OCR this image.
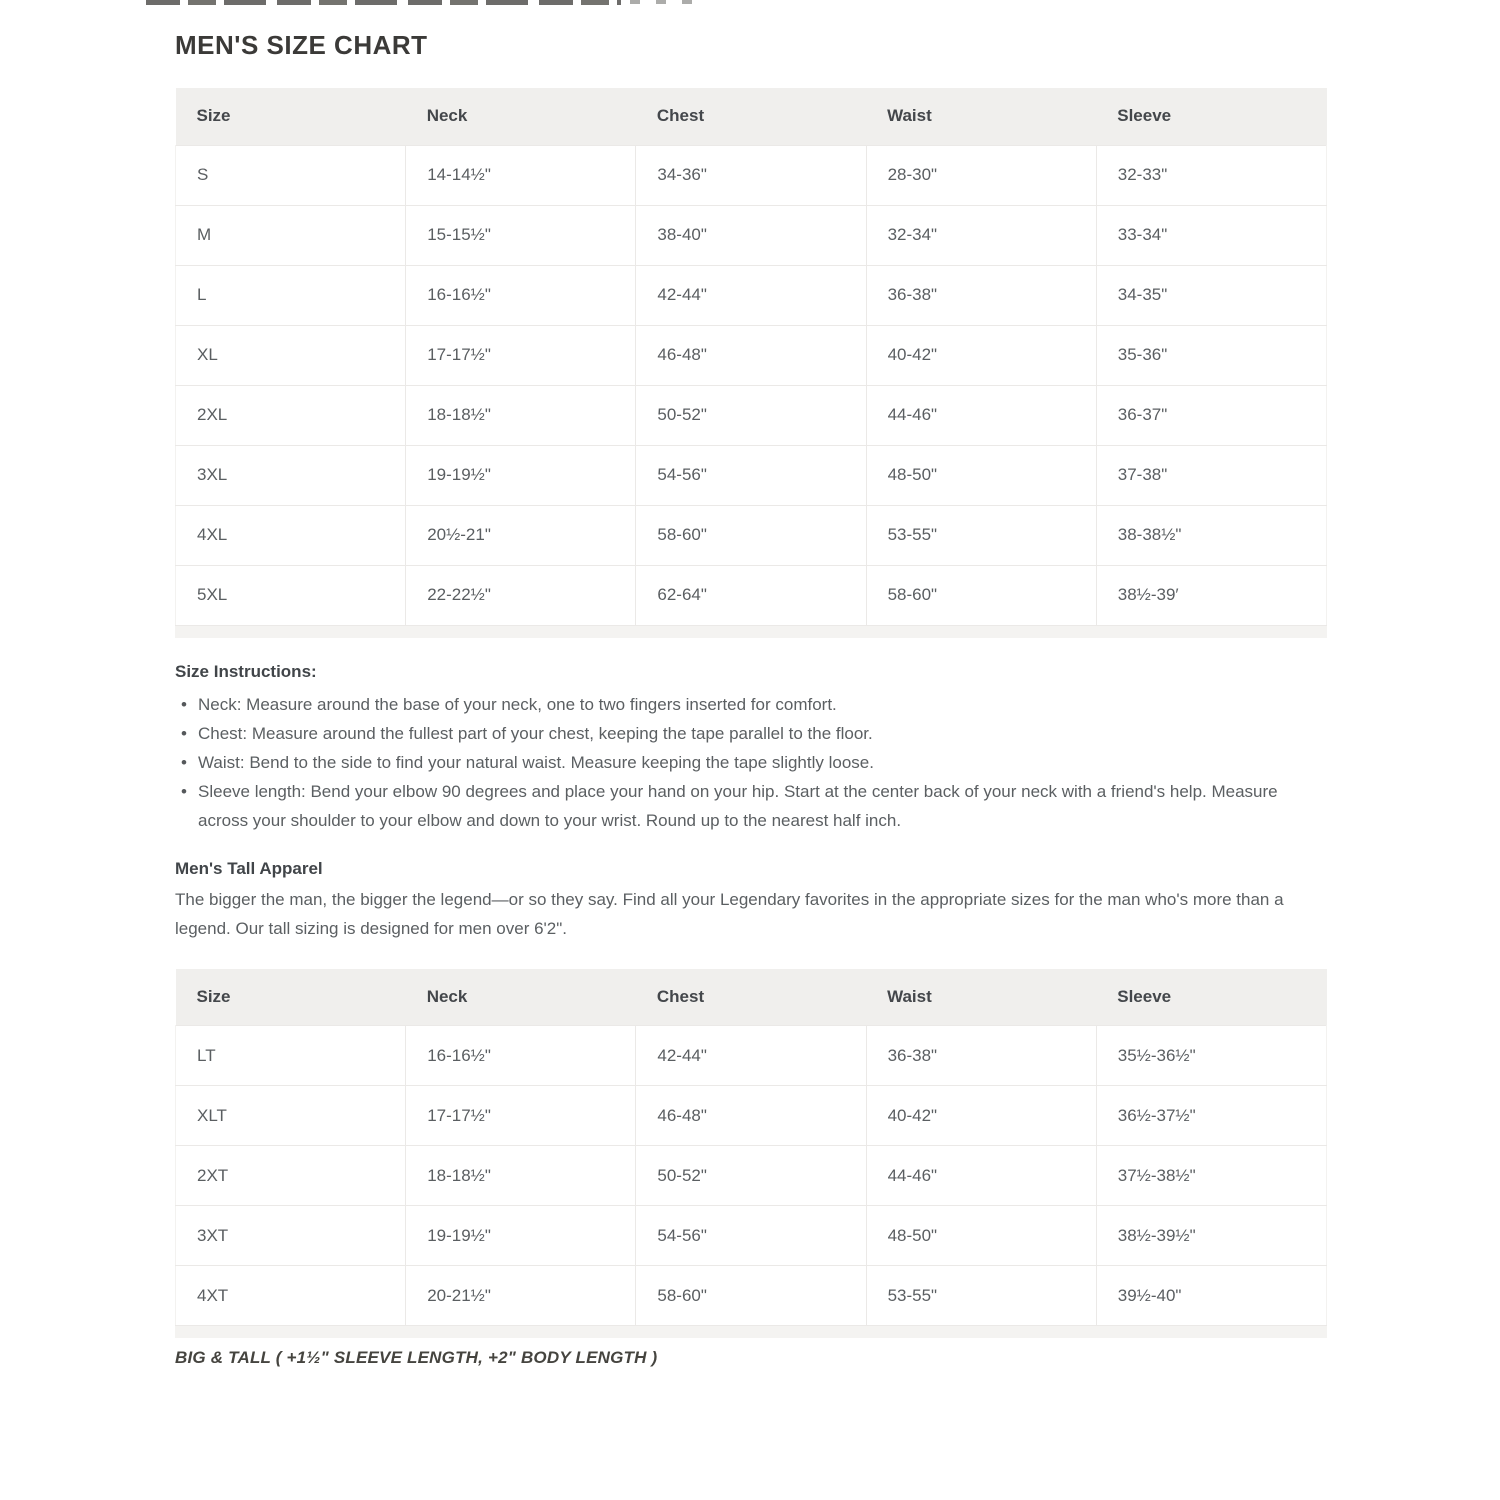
MEN'S SIZE CHART
Size	Neck	Chest	Waist	Sleeve
S	14-14½"	34-36"	28-30"	32-33"
M	15-15½"	38-40"	32-34"	33-34"
L	16-16½"	42-44"	36-38"	34-35"
XL	17-17½"	46-48"	40-42"	35-36"
2XL	18-18½"	50-52"	44-46"	36-37"
3XL	19-19½"	54-56"	48-50"	37-38"
4XL	20½-21"	58-60"	53-55"	38-38½"
5XL	22-22½"	62-64"	58-60"	38½-39′
Size Instructions:
• Neck: Measure around the base of your neck, one to two fingers inserted for comfort.
• Chest: Measure around the fullest part of your chest, keeping the tape parallel to the floor.
• Waist: Bend to the side to find your natural waist. Measure keeping the tape slightly loose.
• Sleeve length: Bend your elbow 90 degrees and place your hand on your hip. Start at the center back of your neck with a friend's help. Measure across your shoulder to your elbow and down to your wrist. Round up to the nearest half inch.
Men's Tall Apparel

The bigger the man, the bigger the legend—or so they say. Find all your Legendary favorites in the appropriate sizes for the man who's more than a legend. Our tall sizing is designed for men over 6'2".

Size	Neck	Chest	Waist	Sleeve
LT	16-16½"	42-44"	36-38"	35½-36½"
XLT	17-17½"	46-48"	40-42"	36½-37½"
2XT	18-18½"	50-52"	44-46"	37½-38½"
3XT	19-19½"	54-56"	48-50"	38½-39½"
4XT	20-21½"	58-60"	53-55"	39½-40"
BIG & TALL ( +1½" SLEEVE LENGTH, +2" BODY LENGTH )
